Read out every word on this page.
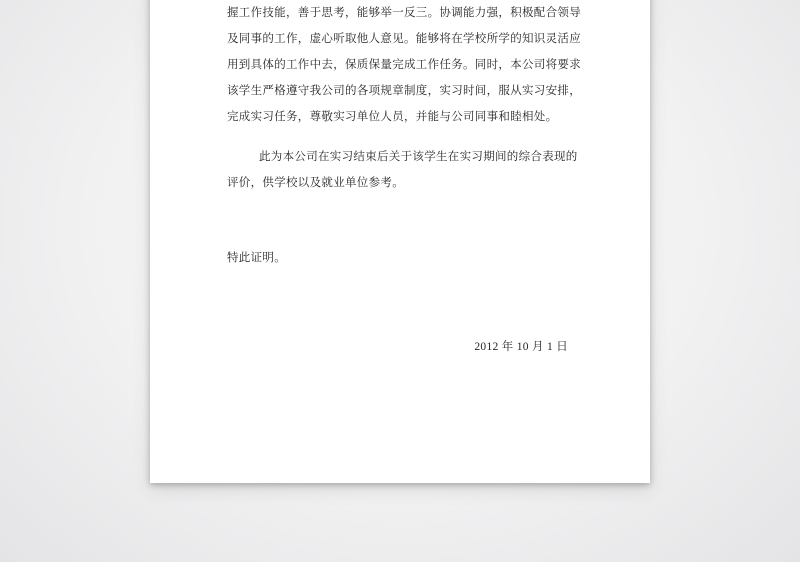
握工作技能，善于思考，能够举一反三。协调能力强，积极配合领导
及同事的工作，虚心听取他人意见。能够将在学校所学的知识灵活应
用到具体的工作中去，保质保量完成工作任务。同时，本公司将要求
该学生严格遵守我公司的各项规章制度，实习时间，服从实习安排，
完成实习任务，尊敬实习单位人员，并能与公司同事和睦相处。
此为本公司在实习结束后关于该学生在实习期间的综合表现的
评价，供学校以及就业单位参考。
特此证明。
2012 年 10 月 1 日
